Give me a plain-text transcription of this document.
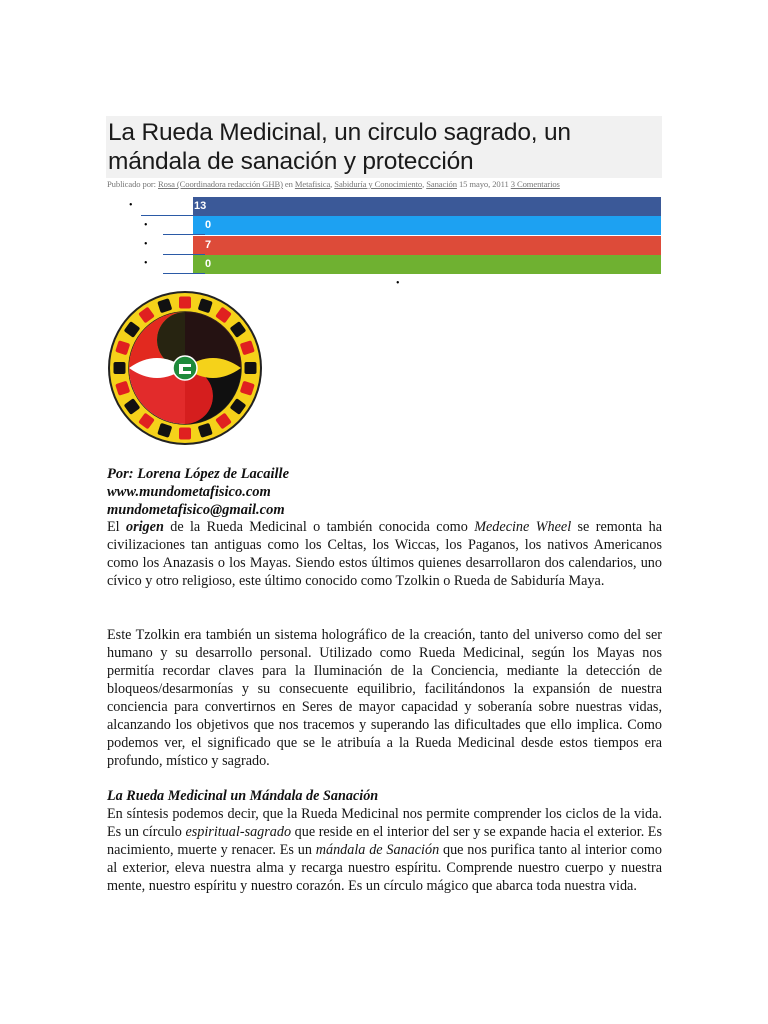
La Rueda Medicinal, un circulo sagrado, un mándala de sanación y protección
Publicado por: Rosa (Coordinadora redacción GHB) en Metafisica, Sabiduría y Conocimiento, Sanación 15 mayo, 2011 3 Comentarios
•
•
•
•
•
13
0
7
0
Por: Lorena López de Lacaille
www.mundometafisico.com
mundometafisico@gmail.com

El origen de la Rueda Medicinal o también conocida como Medecine Wheel se remonta ha civilizaciones tan antiguas como los Celtas, los Wiccas, los Paganos, los nativos Americanos como los Anazasis o los Mayas. Siendo estos últimos quienes desarrollaron dos calendarios, uno cívico y otro religioso, este último conocido como Tzolkin o Rueda de Sabiduría Maya.

Este Tzolkin era también un sistema holográfico de la creación, tanto del universo como del ser humano y su desarrollo personal. Utilizado como Rueda Medicinal, según los Mayas nos permitía recordar claves para la Iluminación de la Conciencia, mediante la detección de bloqueos/desarmonías y su consecuente equilibrio, facilitándonos la expansión de nuestra conciencia para convertirnos en Seres de mayor capacidad y soberanía sobre nuestras vidas, alcanzando los objetivos que nos tracemos y superando las dificultades que ello implica. Como podemos ver, el significado que se le atribuía a la Rueda Medicinal desde estos tiempos era profundo, místico y sagrado.

La Rueda Medicinal un Mándala de Sanación

En síntesis podemos decir, que la Rueda Medicinal nos permite comprender los ciclos de la vida. Es un círculo espiritual-sagrado que reside en el interior del ser y se expande hacia el exterior. Es nacimiento, muerte y renacer. Es un mándala de Sanación que nos purifica tanto al interior como al exterior, eleva nuestra alma y recarga nuestro espíritu. Comprende nuestro cuerpo y nuestra mente, nuestro espíritu y nuestro corazón. Es un círculo mágico que abarca toda nuestra vida.
